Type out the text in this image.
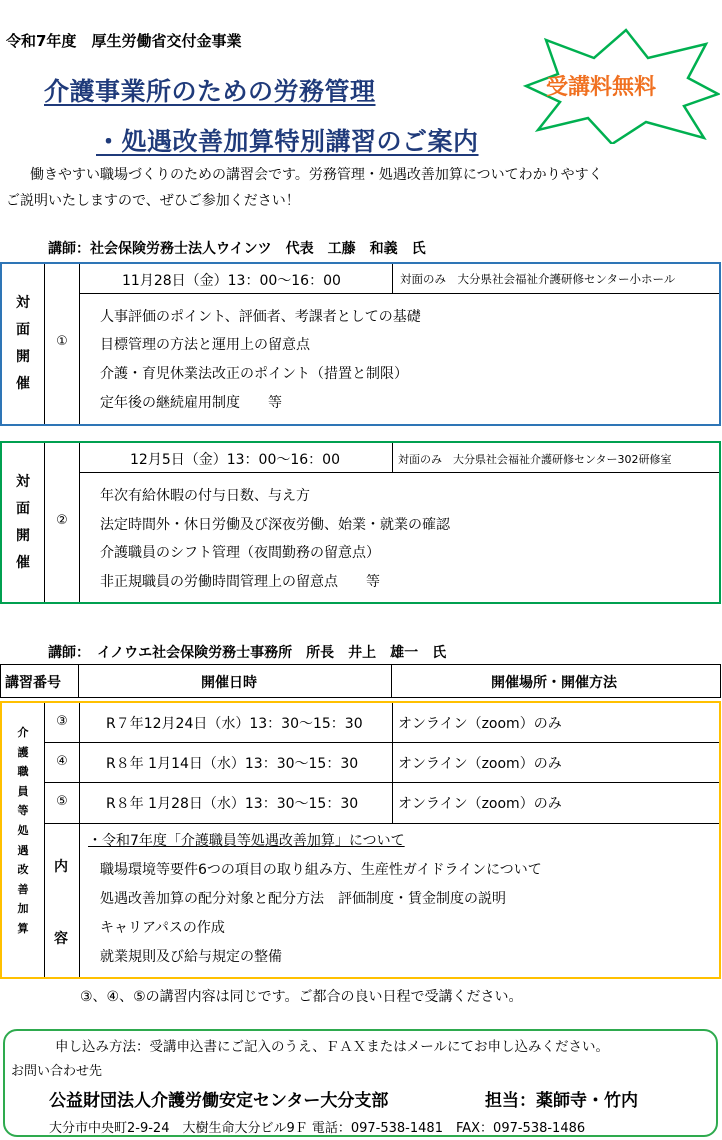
令和7年度　厚生労働省交付金事業
介護事業所のための労務管理
・処遇改善加算特別講習のご案内
受講料無料
働きやすい職場づくりのための講習会です。労務管理・処遇改善加算についてわかりやすく
ご説明いたしますので、ぜひご参加ください！
講師：社会保険労務士法人ウインツ　代表　工藤　和義　氏
対
面
開
催
①
11月28日（金）13：00〜16：00	対面のみ　大分県社会福祉介護研修センター小ホール
人事評価のポイント、評価者、考課者としての基礎
目標管理の方法と運用上の留意点
介護・育児休業法改正のポイント（措置と制限）
定年後の継続雇用制度　　等
対
面
開
催
②
12月5日（金）13：00〜16：00	対面のみ　大分県社会福祉介護研修センター302研修室
年次有給休暇の付与日数、与え方
法定時間外・休日労働及び深夜労働、始業・就業の確認
介護職員のシフト管理（夜間勤務の留意点）
非正規職員の労働時間管理上の留意点　　等
講師：　イノウエ社会保険労務士事務所　所長　井上　雄一　氏
講習番号	開催日時	開催場所・開催方法
介
護
職
員
等
処
遇
改
善
加
算
③	R７年12月24日（水）13：30〜15：30	オンライン（zoom）のみ
④	R８年 1月14日（水）13：30〜15：30	オンライン（zoom）のみ
⑤	R８年 1月28日（水）13：30〜15：30	オンライン（zoom）のみ
内
容
・令和7年度「介護職員等処遇改善加算」について
職場環境等要件6つの項目の取り組み方、生産性ガイドラインについて
処遇改善加算の配分対象と配分方法　評価制度・賃金制度の説明
キャリアパスの作成
就業規則及び給与規定の整備
③、④、⑤の講習内容は同じです。ご都合の良い日程で受講ください。
申し込み方法：受講申込書にご記入のうえ、ＦＡＸまたはメールにてお申し込みください。
お問い合わせ先
公益財団法人介護労働安定センター大分支部	担当：薬師寺・竹内
大分市中央町2-9-24　大樹生命大分ビル9Ｆ 電話：097-538-1481　FAX：097-538-1486
